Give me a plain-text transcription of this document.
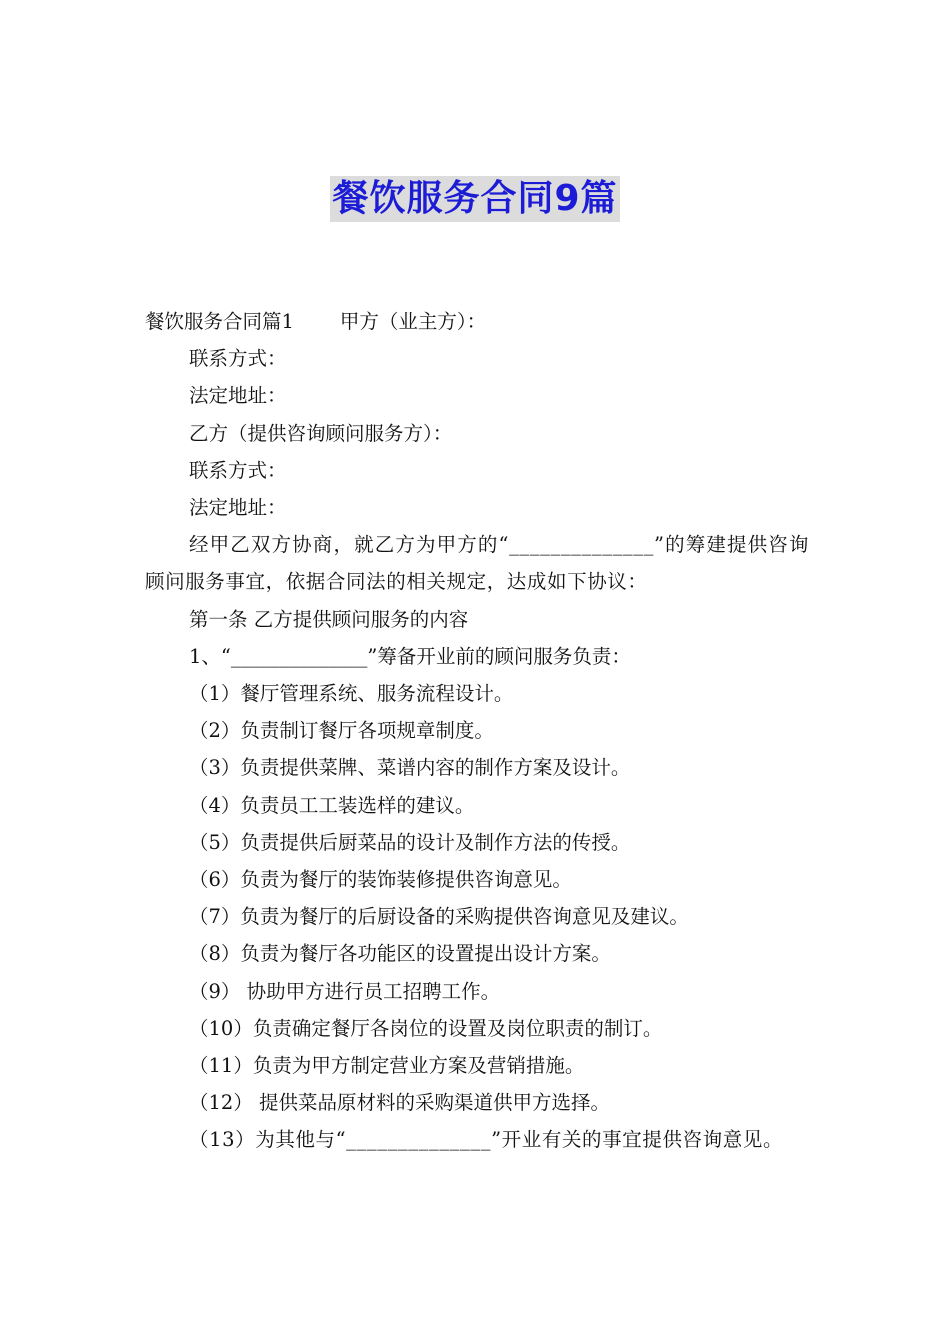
餐饮服务合同9篇

餐饮服务合同篇1 甲方（业主方）：

联系方式：

法定地址：

乙方（提供咨询顾问服务方）：

联系方式：

法定地址：

经甲乙双方协商，就乙方为甲方的“______________”的筹建提供咨询顾问服务事宜，依据合同法的相关规定，达成如下协议：

第一条 乙方提供顾问服务的内容

1、“______________”筹备开业前的顾问服务负责：

（1）餐厅管理系统、服务流程设计。

（2）负责制订餐厅各项规章制度。

（3）负责提供菜牌、菜谱内容的制作方案及设计。

（4）负责员工工装选样的建议。

（5）负责提供后厨菜品的设计及制作方法的传授。

（6）负责为餐厅的装饰装修提供咨询意见。

（7）负责为餐厅的后厨设备的采购提供咨询意见及建议。

（8）负责为餐厅各功能区的设置提出设计方案。

（9） 协助甲方进行员工招聘工作。

（10）负责确定餐厅各岗位的设置及岗位职责的制订。

（11）负责为甲方制定营业方案及营销措施。

（12） 提供菜品原材料的采购渠道供甲方选择。

（13）为其他与“______________”开业有关的事宜提供咨询意见。
